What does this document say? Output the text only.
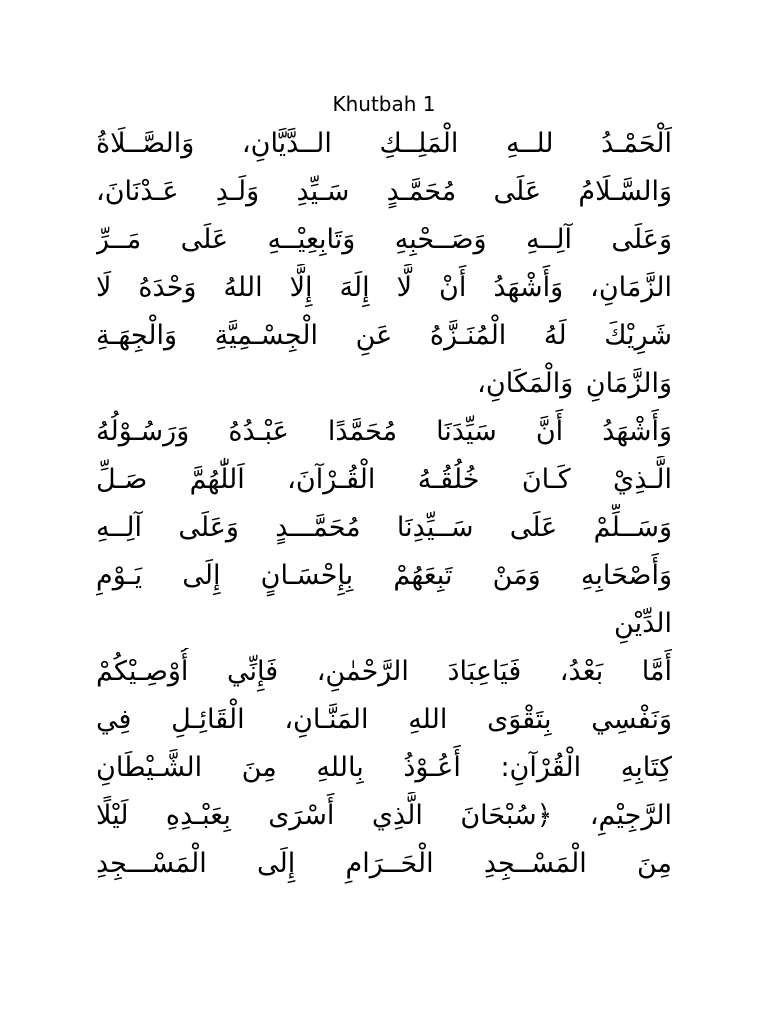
Khutbah 1
اَلْحَمْـدُ للــهِ الْمَلِــكِ الــدَّيَّانِ، وَالصَّــلَاةُ
وَالسَّـلَامُ عَلَى مُحَمَّـدٍ سَـيِّدِ وَلَـدِ عَـدْنَانَ،
وَعَلَى آلِــهِ وَصَــحْبِهِ وَتَابِعِيْــهِ عَلَى مَــرِّ
الزَّمَانِ، وَأَشْهَدُ أَنْ لَّا إِلَهَ إِلَّا اللهُ وَحْدَهُ لَا
شَرِيْكَ لَهُ الْمُنَـزَّهُ عَنِ الْجِسْـمِيَّةِ وَالْجِهَـةِ
وَالزَّمَانِ وَالْمَكَانِ،
وَأَشْهَدُ أَنَّ سَيِّدَنَا مُحَمَّدًا عَبْـدُهُ وَرَسُـوْلُهُ
الَّـذِيْ كَـانَ خُلُقُـهُ الْقُـرْآنَ، اَللّٰهُمَّ صَـلِّ
وَسَــلِّمْ عَلَى سَــيِّدِنَا مُحَمَّـــدٍ وَعَلَى آلِــهِ
وَأَصْحَابِهِ وَمَنْ تَبِعَهُمْ بِإِحْسَـانٍ إِلَى يَـوْمِ
الدِّيْنِ
أَمَّا بَعْدُ، فَيَاعِبَادَ الرَّحْمٰنِ، فَإِنِّي أُوْصِـيْكُمْ
وَنَفْسِي بِتَقْوَى اللهِ المَنَّـانِ، الْقَائِـلِ فِي
كِتَابِهِ الْقُرْآنِ: أَعُـوْذُ بِاللهِ مِنَ الشَّـيْطَانِ
الرَّجِيْمِ، ﴿سُبْحَانَ الَّذِي أَسْرَى بِعَبْـدِهِ لَيْلًا
مِنَ الْمَسْــجِدِ الْحَــرَامِ إِلَى الْمَسْـــجِدِ
